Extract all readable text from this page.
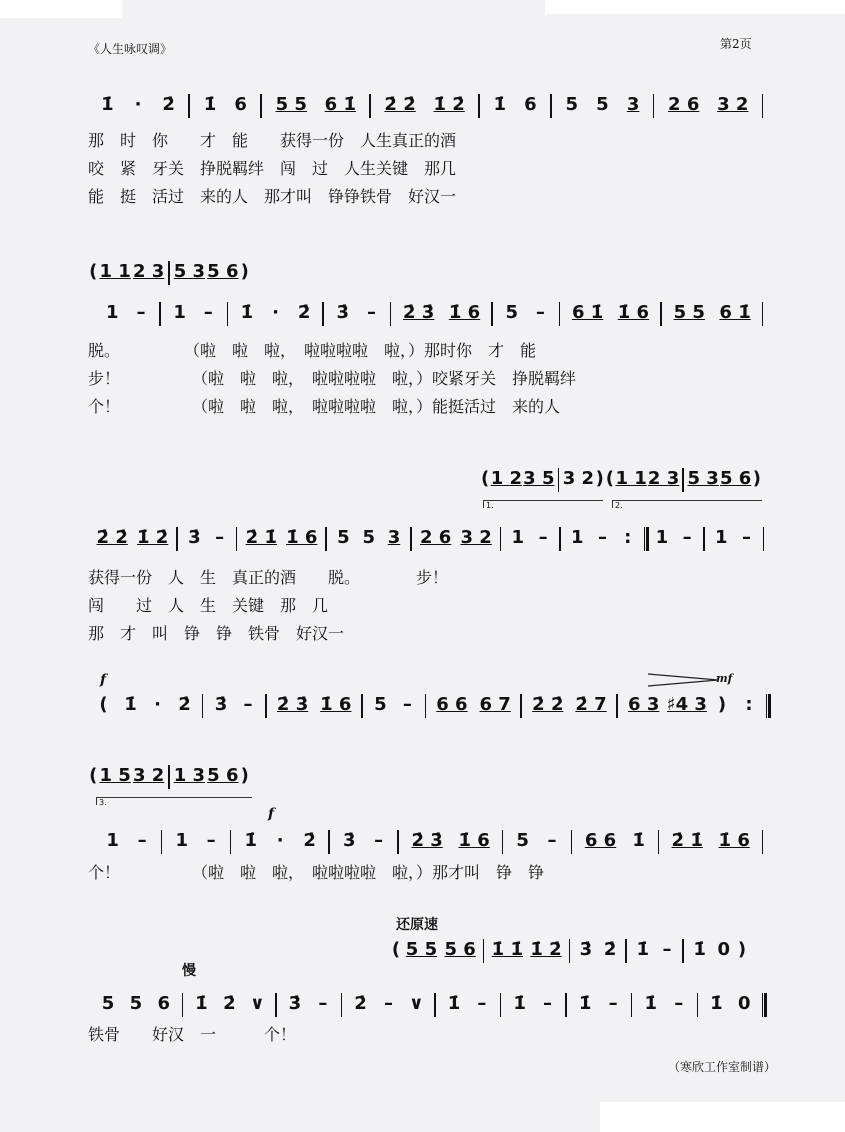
《人生咏叹调》	第2页
1̇ · 2̇ 1̇ 6 5 5 6 1̇ 2̇ 2̇ 1̇ 2̇ 1̇ 6 5 5 3 2 6 3 2
那　时　你　　才　能　　获得一份　人生真正的酒
咬　紧　牙关　挣脱羁绊　闯　过　人生关键　那几
能　挺　活过　来的人　那才叫　铮铮铁骨　好汉一
( 1 1 2 3 5 3 5 6 )
1 – 1 – 1̇ · 2̇ 3̇ – 2̇ 3̇ 1̇ 6 5 – 6 1̇ 1̇ 6 5 5 6 1̇
脱。　　　　　（啦　啦　啦，　啦啦啦啦　啦，）那时你　才　能
步！　　　　　（啦　啦　啦，　啦啦啦啦　啦，）咬紧牙关　挣脱羁绊
个！　　　　　（啦　啦　啦，　啦啦啦啦　啦，）能挺活过　来的人
( 1 2 3 5 3 2 ) ( 1 1 2 3 5 3 5 6 )
2̇ 2̇ 1̇ 2̇ 3̇ – 2̇ 1̇ 1̇ 6 5 5 3 2 6 3 2 1 – 1 – : 1 – 1 –
获得一份　人　生　真正的酒　　脱。　　　　步！
闯　　过　人　生　关键　那　几
那　才　叫　铮　铮　铁骨　好汉一
( 1̇ · 2̇ 3̇ – 2̇ 3̇ 1̇ 6 5 – 6 6 6 7 2̇ 2̇ 2̇ 7 6 3 ♯4 3 ) :
( 1 5 3 2 1 3 5 6 )
1 – 1 – 1̇ · 2̇ 3̇ – 2̇ 3̇ 1̇ 6 5 – 6 6 1̇ 2̇ 1̇ 1̇ 6
个！　　　　　（啦　啦　啦，　啦啦啦啦　啦，）那才叫　铮　铮
( 5 5 5 6 1̇ 1̇ 1̇ 2̇ 3̇ 2̇ 1̇ – 1̇ 0 )
5 5 6 1̇ 2̇ ∨ 3̇ – 2̇ – ∨ 1̇ – 1̇ – 1̇ – 1̇ – 1̇ 0
铁骨　　好汉　一　　　个！
f	mf
f
慢
还原速
1.	2.
3.
（寒欣工作室制谱）
